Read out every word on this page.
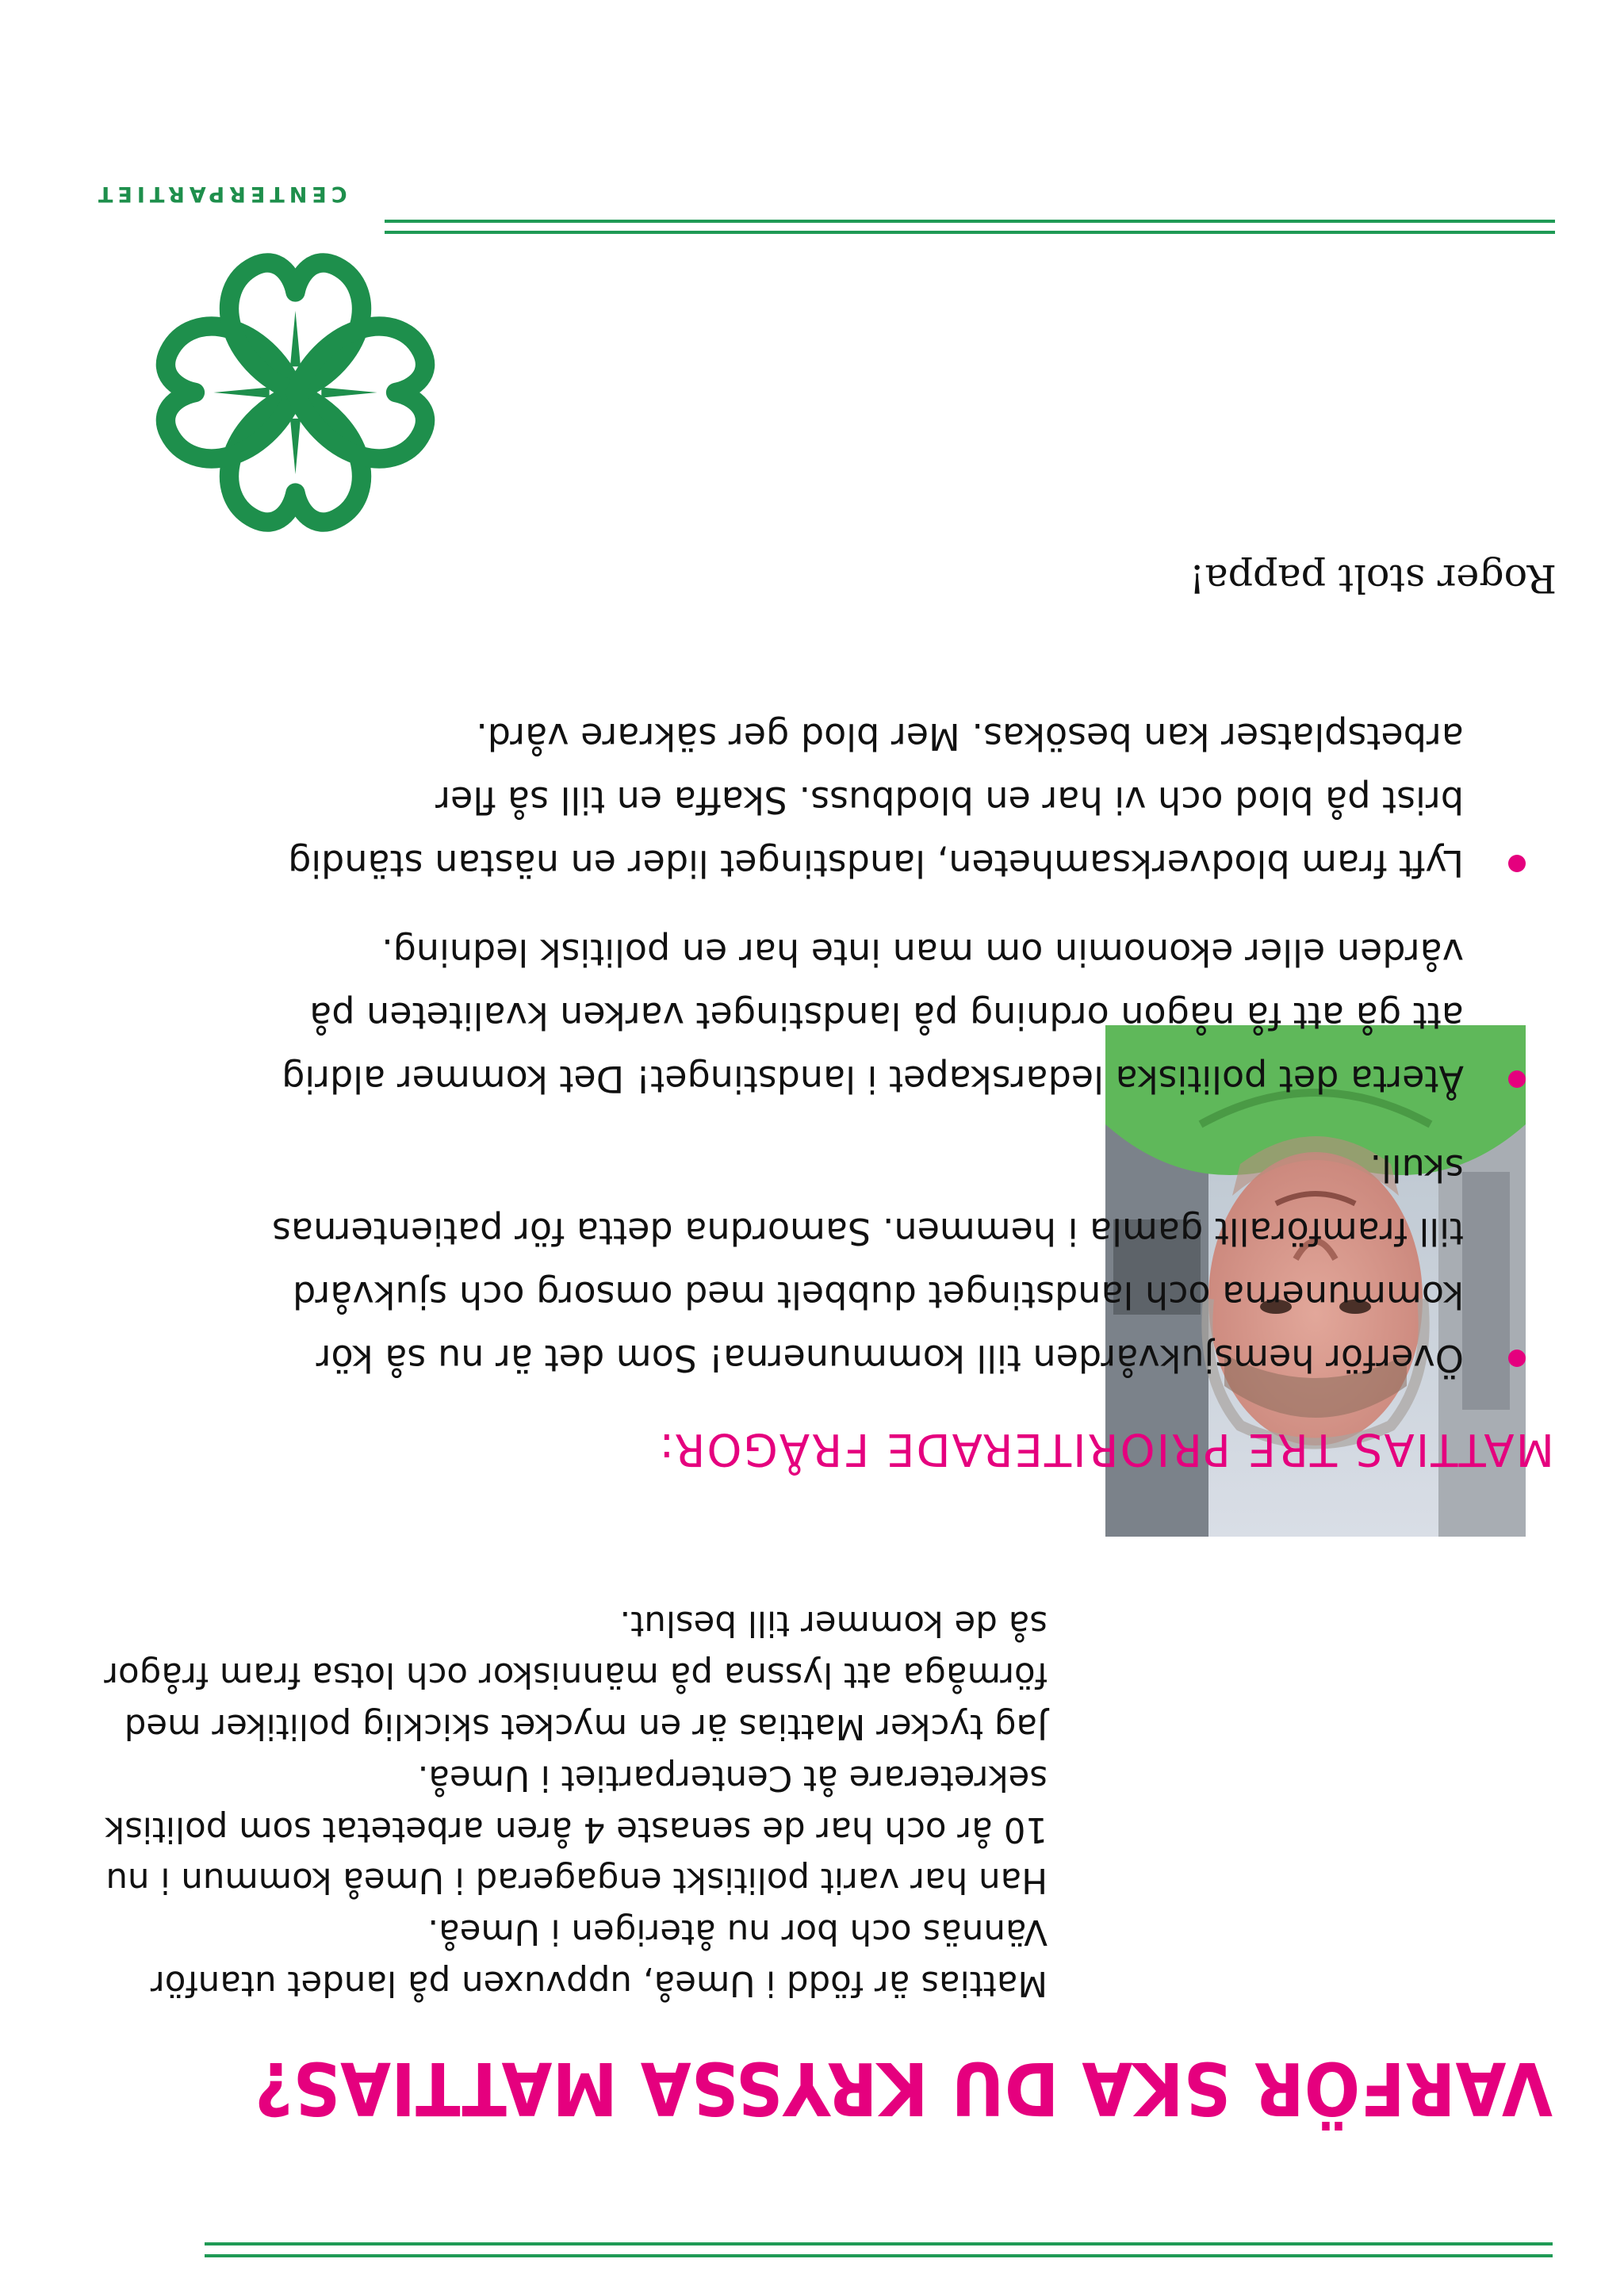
VARFÖR SKA DU KRYSSA MATTIAS?

Mattias är född i Umeå, uppvuxen på landet utanför Vännäs och bor nu återigen i Umeå.

Han har varit politiskt engagerad i Umeå kommun i nu 10 år och har de senaste 4 åren arbetetat som politisk sekreterare åt Centerpartiet i Umeå.

Jag tycker Mattias är en mycket skicklig politiker med förmåga att lyssna på människor och lotsa fram frågor så de kommer till beslut.

MATTIAS TRE PRIORITERADE FRÅGOR:
Överför hemsjukvården till kommunerna! Som det är nu så kör kommunerna och landstinget dubbelt med omsorg och sjukvård till framförallt gamla i hemmen. Samordna detta för patienternas skull.
Återta det politiska ledarskapet i landstinget! Det kommer aldrig att gå att få någon ordning på landstinget varken kvaliteten på vården eller ekonomin om man inte har en politisk ledning.
Lyft fram blodverksamheten, landstinget lider en nästan ständig brist på blod och vi har en blodbuss. Skaffa en till så fler arbetsplatser kan besökas. Mer blod ger säkrare vård.
Roger stolt pappa!
CENTERPARTIET
